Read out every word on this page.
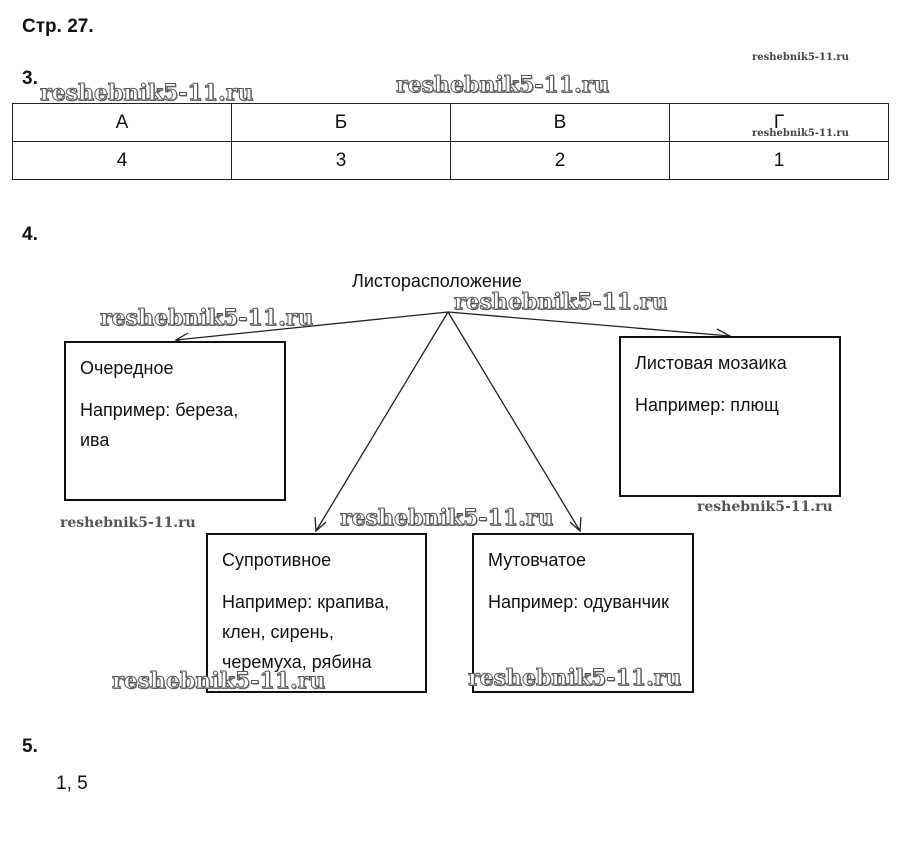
Стр. 27.
3.
А	Б	В	Г
4	3	2	1
4.
Листорасположение

Очередное

Например: береза, ива

Листовая мозаика

Например: плющ

Супротивное

Например: крапива, клен, сирень, черемуха, рябина

Мутовчатое

Например: одуванчик

5.
1, 5
reshebnik5-11.ru
reshebnik5-11.ru	reshebnik5-11.ru
reshebnik5-11.ru
reshebnik5-11.ru
reshebnik5-11.ru
reshebnik5-11.ru	reshebnik5-11.ru	reshebnik5-11.ru
reshebnik5-11.ru	reshebnik5-11.ru
